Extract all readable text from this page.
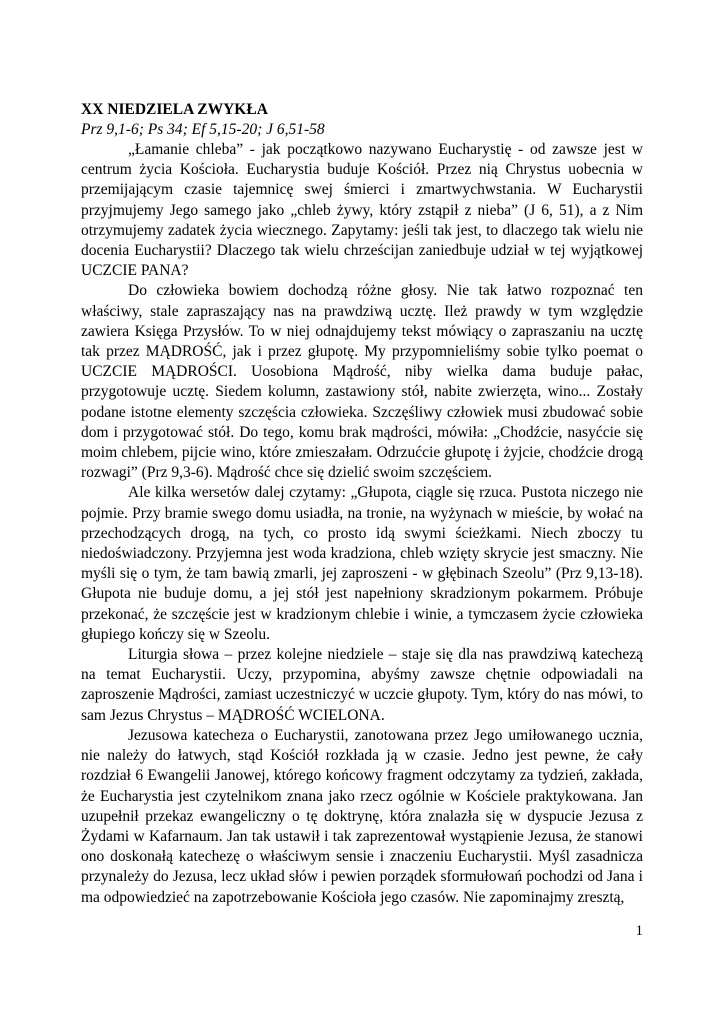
XX NIEDZIELA ZWYKŁA
Prz 9,1-6; Ps 34; Ef 5,15-20; J 6,51-58

„Łamanie chleba” - jak początkowo nazywano Eucharystię - od zawsze jest w centrum życia Kościoła. Eucharystia buduje Kościół. Przez nią Chrystus uobecnia w przemijającym czasie tajemnicę swej śmierci i zmartwychwstania. W Eucharystii przyjmujemy Jego samego jako „chleb żywy, który zstąpił z nieba” (J 6, 51), a z Nim otrzymujemy zadatek życia wiecznego. Zapytamy: jeśli tak jest, to dlaczego tak wielu nie docenia Eucharystii? Dlaczego tak wielu chrześcijan zaniedbuje udział w tej wyjątkowej UCZCIE PANA?

Do człowieka bowiem dochodzą różne głosy. Nie tak łatwo rozpoznać ten właściwy, stale zapraszający nas na prawdziwą ucztę. Ileż prawdy w tym względzie zawiera Księga Przysłów. To w niej odnajdujemy tekst mówiący o zapraszaniu na ucztę tak przez MĄDROŚĆ, jak i przez głupotę. My przypomnieliśmy sobie tylko poemat o UCZCIE MĄDROŚCI. Uosobiona Mądrość, niby wielka dama buduje pałac, przygotowuje ucztę. Siedem kolumn, zastawiony stół, nabite zwierzęta, wino... Zostały podane istotne elementy szczęścia człowieka. Szczęśliwy człowiek musi zbudować sobie dom i przygotować stół. Do tego, komu brak mądrości, mówiła: „Chodźcie, nasyćcie się moim chlebem, pijcie wino, które zmieszałam. Odrzućcie głupotę i żyjcie, chodźcie drogą rozwagi” (Prz 9,3-6). Mądrość chce się dzielić swoim szczęściem.

Ale kilka wersetów dalej czytamy: „Głupota, ciągle się rzuca. Pustota niczego nie pojmie. Przy bramie swego domu usiadła, na tronie, na wyżynach w mieście, by wołać na przechodzących drogą, na tych, co prosto idą swymi ścieżkami. Niech zboczy tu niedoświadczony. Przyjemna jest woda kradziona, chleb wzięty skrycie jest smaczny. Nie myśli się o tym, że tam bawią zmarli, jej zaproszeni - w głębinach Szeolu” (Prz 9,13-18). Głupota nie buduje domu, a jej stół jest napełniony skradzionym pokarmem. Próbuje przekonać, że szczęście jest w kradzionym chlebie i winie, a tymczasem życie człowieka głupiego kończy się w Szeolu.

Liturgia słowa – przez kolejne niedziele – staje się dla nas prawdziwą katechezą na temat Eucharystii. Uczy, przypomina, abyśmy zawsze chętnie odpowiadali na zaproszenie Mądrości, zamiast uczestniczyć w uczcie głupoty. Tym, który do nas mówi, to sam Jezus Chrystus – MĄDROŚĆ WCIELONA.

Jezusowa katecheza o Eucharystii, zanotowana przez Jego umiłowanego ucznia, nie należy do łatwych, stąd Kościół rozkłada ją w czasie. Jedno jest pewne, że cały rozdział 6 Ewangelii Janowej, którego końcowy fragment odczytamy za tydzień, zakłada, że Eucharystia jest czytelnikom znana jako rzecz ogólnie w Kościele praktykowana. Jan uzupełnił przekaz ewangeliczny o tę doktrynę, która znalazła się w dyspucie Jezusa z Żydami w Kafarnaum. Jan tak ustawił i tak zaprezentował wystąpienie Jezusa, że stanowi ono doskonałą katechezę o właściwym sensie i znaczeniu Eucharystii. Myśl zasadnicza przynależy do Jezusa, lecz układ słów i pewien porządek sformułowań pochodzi od Jana i ma odpowiedzieć na zapotrzebowanie Kościoła jego czasów. Nie zapominajmy zresztą,

1
